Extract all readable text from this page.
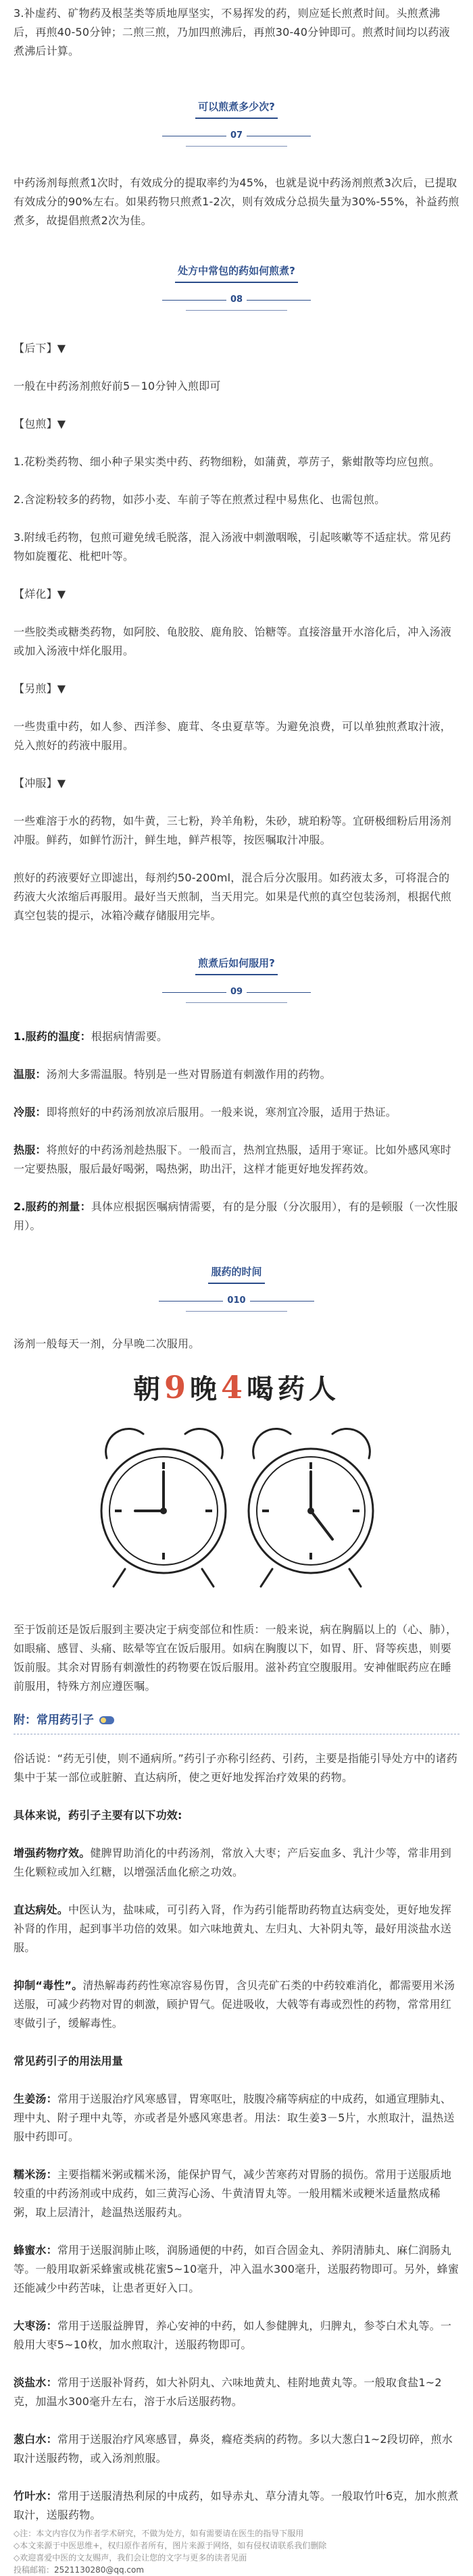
3.补虚药、矿物药及根茎类等质地厚坚实，不易挥发的药，则应延长煎煮时间。头煎煮沸后，再煎40-50分钟；二煎三煎，乃加四煎沸后，再煎30-40分钟即可。煎煮时间均以药液煮沸后计算。

可以煎煮多少次?
07

中药汤剂每煎煮1次时，有效成分的提取率约为45%，也就是说中药汤剂煎煮3次后，已提取有效成分的90%左右。如果药物只煎煮1-2次，则有效成分总损失量为30%-55%，补益药煎煮多，故提倡煎煮2次为佳。

处方中常包的药如何煎煮?
08

【后下】▼

一般在中药汤剂煎好前5－10分钟入煎即可

【包煎】▼

1.花粉类药物、细小种子果实类中药、药物细粉，如蒲黄，葶苈子，紫蚶散等均应包煎。

2.含淀粉较多的药物，如莎小麦、车前子等在煎煮过程中易焦化、也需包煎。

3.附绒毛药物，包煎可避免绒毛脱落，混入汤液中刺激咽喉，引起咳嗽等不适症状。常见药物如旋覆花、枇杷叶等。

【烊化】▼

一些胶类或糖类药物，如阿胶、龟胶胶、鹿角胶、饴糖等。直接溶量开水溶化后，冲入汤液或加入汤液中烊化服用。

【另煎】▼

一些贵重中药，如人参、西洋参、鹿茸、冬虫夏草等。为避免浪费，可以单独煎煮取汁液，兑入煎好的药液中服用。

【冲服】▼

一些难溶于水的药物，如牛黄，三七粉，羚羊角粉，朱砂，琥珀粉等。宜研极细粉后用汤剂冲服。鲜药，如鲜竹沥汁，鲜生地，鲜芦根等，按医嘱取汁冲服。

煎好的药液要好立即滤出，每剂约50-200ml，混合后分次服用。如药液太多，可将混合的药液大火浓缩后再服用。最好当天煎制，当天用完。如果是代煎的真空包装汤剂，根据代煎真空包装的提示，冰箱冷藏存储服用完毕。

煎煮后如何服用?
09

1.服药的温度：根据病情需要。

温服：汤剂大多需温服。特别是一些对胃肠道有刺激作用的药物。

冷服：即将煎好的中药汤剂放凉后服用。一般来说，寒剂宜冷服，适用于热证。

热服：将煎好的中药汤剂趁热服下。一般而言，热剂宜热服，适用于寒证。比如外感风寒时一定要热服，服后最好喝粥，喝热粥，助出汗，这样才能更好地发挥药效。

2.服药的剂量：具体应根据医嘱病情需要，有的是分服（分次服用），有的是顿服（一次性服用）。

服药的时间
010

汤剂一般每天一剂，分早晚二次服用。

朝9晚4喝药人

至于饭前还是饭后服到主要决定于病变部位和性质：一般来说，病在胸膈以上的（心、肺），如眼痛、感冒、头痛、眩晕等宜在饭后服用。如病在胸腹以下，如胃、肝、肾等疾患，则要饭前服。其余对胃肠有刺激性的药物要在饭后服用。滋补药宜空腹服用。安神催眠药应在睡前服用，特殊方剂应遵医嘱。

附：常用药引子

俗话说：“药无引使，则不通病所。”药引子亦称引经药、引药，主要是指能引导处方中的诸药集中于某一部位或脏腑、直达病所，使之更好地发挥治疗效果的药物。

具体来说，药引子主要有以下功效:

增强药物疗效。健脾胃助消化的中药汤剂，常放入大枣；产后妄血多、乳汁少等，常非用到生化颗粒或加入红糖，以增强活血化瘀之功效。

直达病处。中医认为，盐味咸，可引药入肾，作为药引能帮助药物直达病变处，更好地发挥补肾的作用，起到事半功倍的效果。如六味地黄丸、左归丸、大补阴丸等，最好用淡盐水送服。

抑制“毒性”。清热解毒药药性寒凉容易伤胃，含贝壳矿石类的中药较难消化，都需要用米汤送服，可减少药物对胃的刺激，顾护胃气。促进吸收，大戟等有毒或烈性的药物，常常用红枣做引子，缓解毒性。

常见药引子的用法用量

生姜汤：常用于送服治疗风寒感冒，胃寒呕吐，肢腹冷痛等病症的中成药，如通宣理肺丸、理中丸、附子理中丸等，亦或者是外感风寒患者。用法：取生姜3－5片，水煎取汁，温热送服中药即可。

糯米汤：主要指糯米粥或糯米汤，能保护胃气，减少苦寒药对胃肠的损伤。常用于送服质地较重的中药汤剂或中成药，如三黄泻心汤、牛黄清胃丸等。一般用糯米或粳米适量熬成稀粥，取上层清汁，趁温热送服药丸。

蜂蜜水：常用于送服润肺止咳，润肠通便的中药，如百合固金丸、养阴清肺丸、麻仁润肠丸等。一般用取新采蜂蜜或桃花蜜5~10毫升，冲入温水300毫升，送服药物即可。另外，蜂蜜还能减少中药苦味，让患者更好入口。

大枣汤：常用于送服益脾胃，养心安神的中药，如人参健脾丸，归脾丸，参苓白术丸等。一般用大枣5~10枚，加水煎取汁，送服药物即可。

淡盐水：常用于送服补肾药，如大补阴丸、六味地黄丸、桂附地黄丸等。一般取食盐1~2克，加温水300毫升左右，溶于水后送服药物。

葱白水：常用于送服治疗风寒感冒，鼻炎，癃疮类病的药物。多以大葱白1~2段切碎，煎水取汁送服药物，或入汤剂煎服。

竹叶水：常用于送服清热利尿的中成药，如导赤丸、草分清丸等。一般取竹叶6克，加水煎煮取汁，送服药物。

◇注：本文内容仅为作者学术研究，不做为处方，如有需要请在医生的指导下服用
◇本文来源于中医思维+，权归原作者所有，图片来源于网络，如有侵权请联系我们删除
◇欢迎喜爱中医的文友赐声，我们会让您的文字与更多的读者见面
投稿邮箱：2521130280@qq.com
